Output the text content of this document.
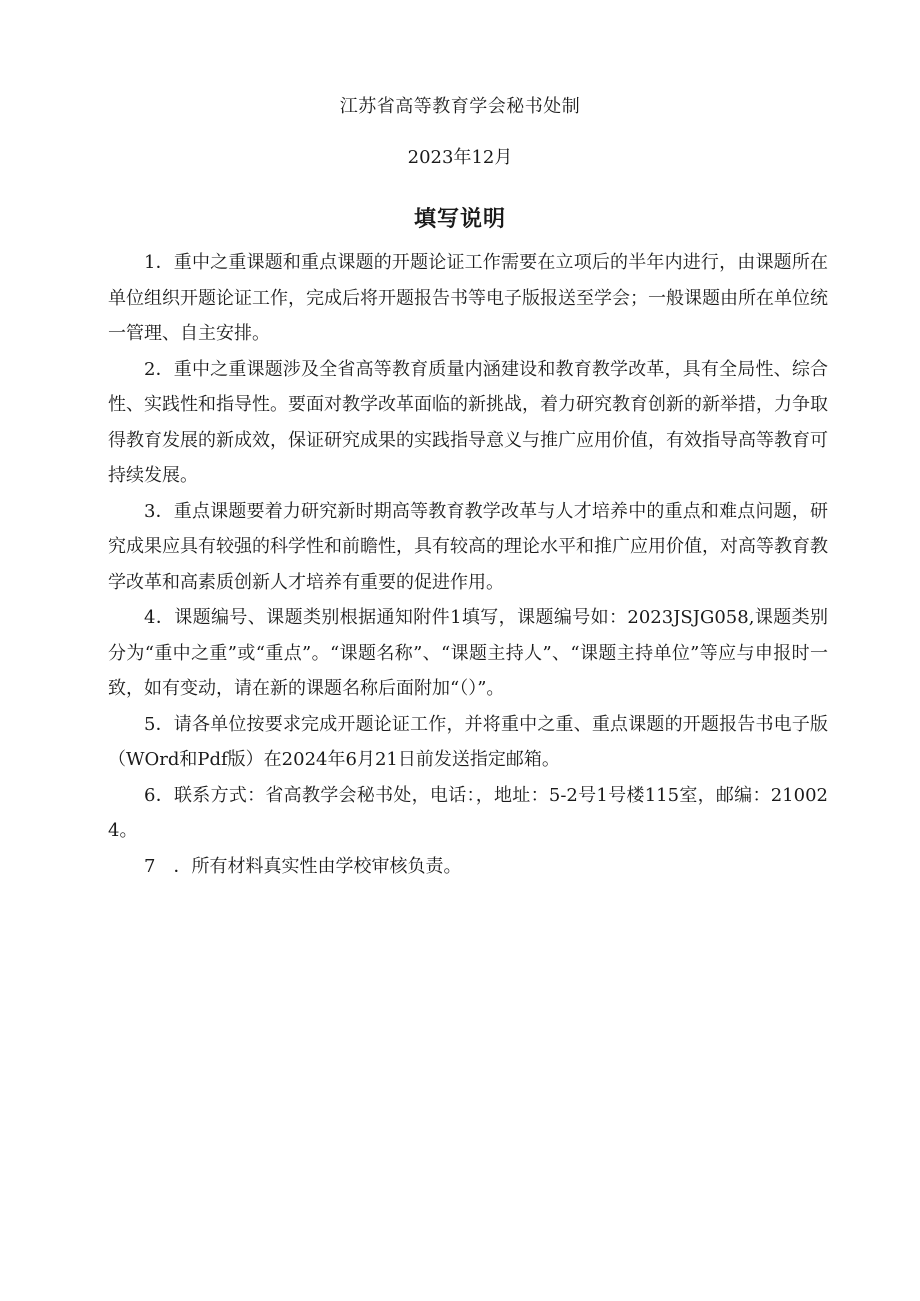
江苏省高等教育学会秘书处制
2023年12月
填写说明

1．重中之重课题和重点课题的开题论证工作需要在立项后的半年内进行，由课题所在单位组织开题论证工作，完成后将开题报告书等电子版报送至学会；一般课题由所在单位统一管理、自主安排。

2．重中之重课题涉及全省高等教育质量内涵建设和教育教学改革，具有全局性、综合性、实践性和指导性。要面对教学改革面临的新挑战，着力研究教育创新的新举措，力争取得教育发展的新成效，保证研究成果的实践指导意义与推广应用价值，有效指导高等教育可持续发展。

3．重点课题要着力研究新时期高等教育教学改革与人才培养中的重点和难点问题，研究成果应具有较强的科学性和前瞻性，具有较高的理论水平和推广应用价值，对高等教育教学改革和高素质创新人才培养有重要的促进作用。

4．课题编号、课题类别根据通知附件1填写，课题编号如：2023JSJG058,课题类别分为“重中之重”或“重点”。“课题名称”、“课题主持人”、“课题主持单位”等应与申报时一致，如有变动，请在新的课题名称后面附加“（）”。

5．请各单位按要求完成开题论证工作，并将重中之重、重点课题的开题报告书电子版（WOrd和Pdf版）在2024年6月21日前发送指定邮箱。

6．联系方式：省高教学会秘书处，电话：，地址：5-2号1号楼115室，邮编：210024。

7　．所有材料真实性由学校审核负责。
